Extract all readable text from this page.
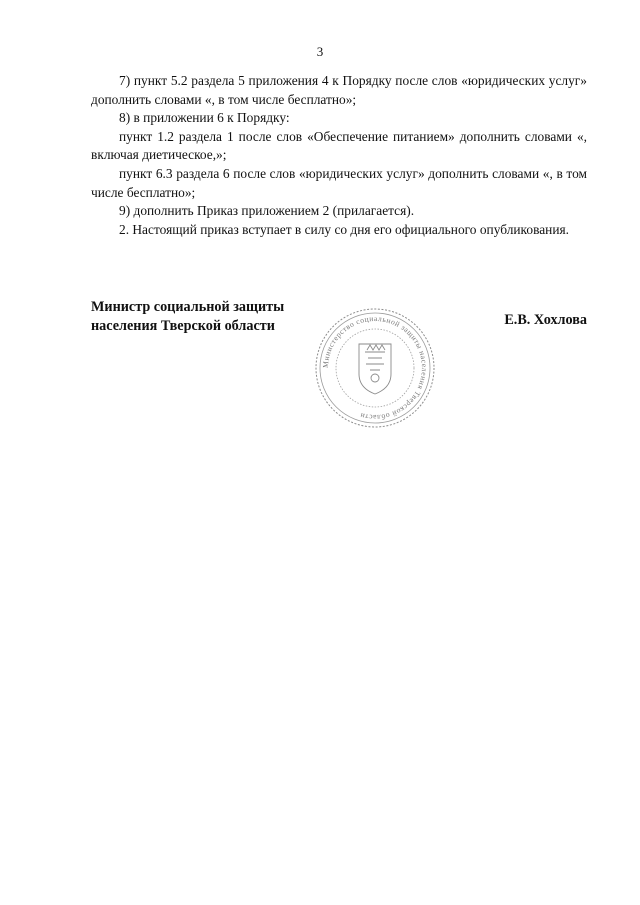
3

7) пункт 5.2 раздела 5 приложения 4 к Порядку после слов «юридических услуг» дополнить словами «, в том числе бесплатно»;

8) в приложении 6 к Порядку:

пункт 1.2 раздела 1 после слов «Обеспечение питанием» дополнить словами «, включая диетическое,»;

пункт 6.3 раздела 6 после слов «юридических услуг» дополнить словами «, в том числе бесплатно»;

9) дополнить Приказ приложением 2 (прилагается).

2. Настоящий приказ вступает в силу со дня его официального опубликования.

Министр социальной защиты
населения Тверской области
Министерство социальной защиты населения Тверской области
Е.В. Хохлова
